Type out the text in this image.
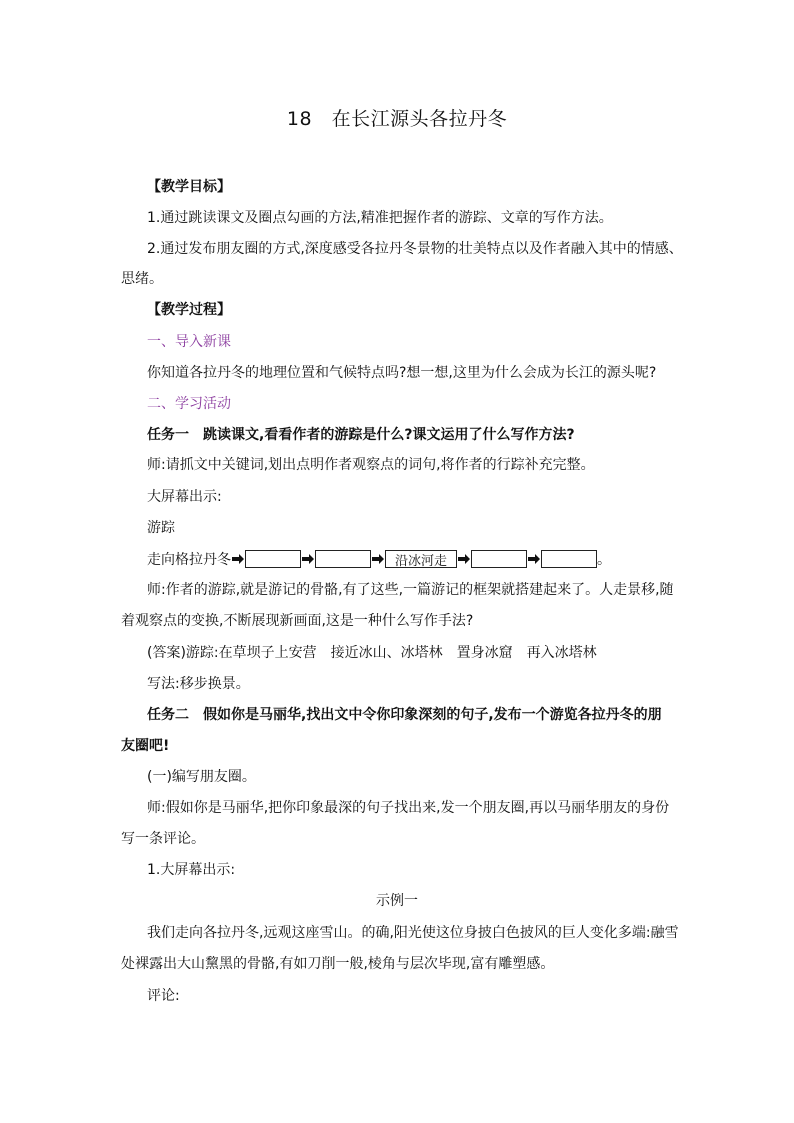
18　在长江源头各拉丹冬
【教学目标】
1.通过跳读课文及圈点勾画的方法,精准把握作者的游踪、文章的写作方法。
2.通过发布朋友圈的方式,深度感受各拉丹冬景物的壮美特点以及作者融入其中的情感、
思绪。
【教学过程】
一、导入新课
你知道各拉丹冬的地理位置和气候特点吗?想一想,这里为什么会成为长江的源头呢?
二、学习活动
任务一　跳读课文,看看作者的游踪是什么?课文运用了什么写作方法?
师:请抓文中关键词,划出点明作者观察点的词句,将作者的行踪补充完整。
大屏幕出示:
游踪
走向格拉丹冬	沿冰河走	。
师:作者的游踪,就是游记的骨骼,有了这些,一篇游记的框架就搭建起来了。人走景移,随
着观察点的变换,不断展现新画面,这是一种什么写作手法?
(答案)游踪:在草坝子上安营　接近冰山、冰塔林　置身冰窟　再入冰塔林
写法:移步换景。
任务二　假如你是马丽华,找出文中令你印象深刻的句子,发布一个游览各拉丹冬的朋
友圈吧!
(一)编写朋友圈。
师:假如你是马丽华,把你印象最深的句子找出来,发一个朋友圈,再以马丽华朋友的身份
写一条评论。
1.大屏幕出示:
示例一
我们走向各拉丹冬,远观这座雪山。的确,阳光使这位身披白色披风的巨人变化多端:融雪
处裸露出大山黧黑的骨骼,有如刀削一般,棱角与层次毕现,富有雕塑感。
评论:
